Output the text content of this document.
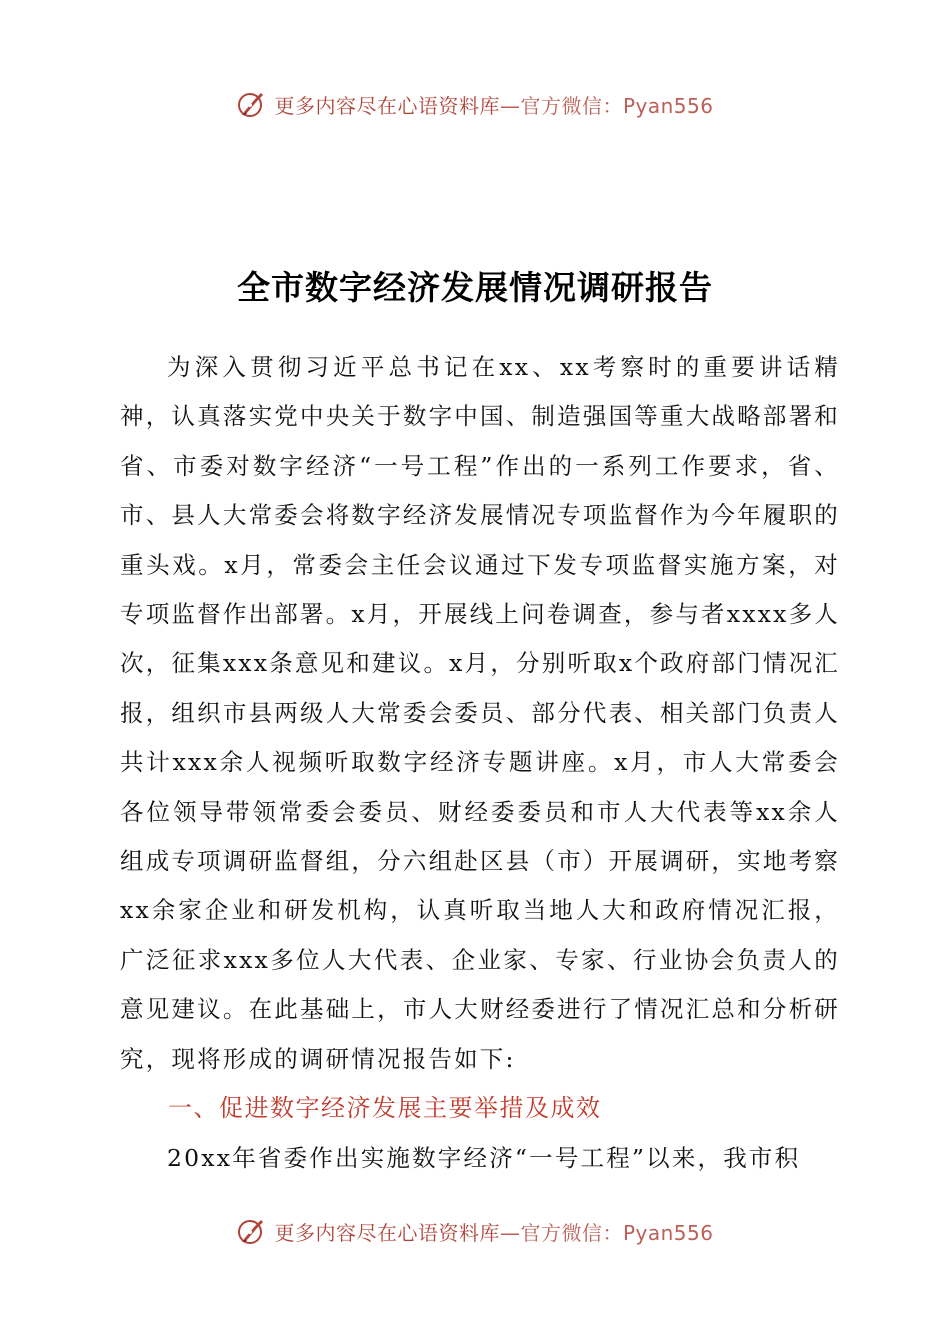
更多内容尽在心语资料库—官方微信：Pyan556
全市数字经济发展情况调研报告

为深入贯彻习近平总书记在xx、xx考察时的重要讲话精神，认真落实党中央关于数字中国、制造强国等重大战略部署和省、市委对数字经济“一号工程”作出的一系列工作要求，省、市、县人大常委会将数字经济发展情况专项监督作为今年履职的重头戏。x月，常委会主任会议通过下发专项监督实施方案，对专项监督作出部署。x月，开展线上问卷调查，参与者xxxx多人次，征集xxx条意见和建议。x月，分别听取x个政府部门情况汇报，组织市县两级人大常委会委员、部分代表、相关部门负责人共计xxx余人视频听取数字经济专题讲座。x月，市人大常委会各位领导带领常委会委员、财经委委员和市人大代表等xx余人组成专项调研监督组，分六组赴区县（市）开展调研，实地考察xx余家企业和研发机构，认真听取当地人大和政府情况汇报，广泛征求xxx多位人大代表、企业家、专家、行业协会负责人的意见建议。在此基础上，市人大财经委进行了情况汇总和分析研究，现将形成的调研情况报告如下:

一、促进数字经济发展主要举措及成效

20xx年省委作出实施数字经济“一号工程”以来，我市积

更多内容尽在心语资料库—官方微信：Pyan556
